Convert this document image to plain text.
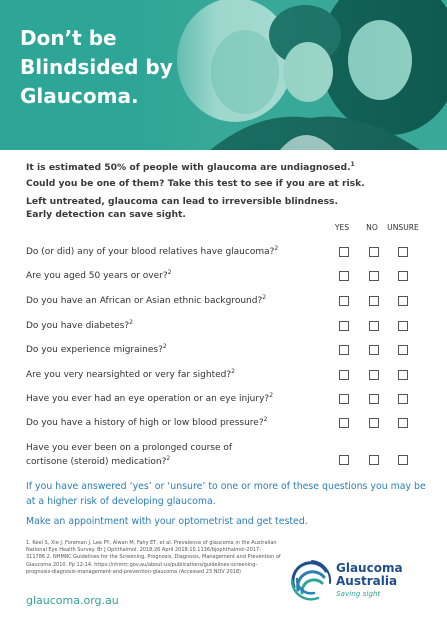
Don’t be
Blindsided by
Glaucoma.

It is estimated 50% of people with glaucoma are undiagnosed.$^1$

Could you be one of them? Take this test to see if you are at risk.

Left untreated, glaucoma can lead to irreversible blindness.

Early detection can save sight.

YES	NO	UNSURE
Do (or did) any of your blood relatives have glaucoma?$^2$
Are you aged 50 years or over?$^2$
Do you have an African or Asian ethnic background?$^2$
Do you have diabetes?$^2$
Do you experience migraines?$^2$
Are you very nearsighted or very far sighted?$^2$
Have you ever had an eye operation or an eye injury?$^2$
Do you have a history of high or low blood pressure?$^2$
Have you ever been on a prolonged course of
cortisone (steroid) medication?$^2$

If you have answered ‘yes’ or ‘unsure’ to one or more of these questions you may be at a higher risk of developing glaucoma.

Make an appointment with your optometrist and get tested.

1. Keel S, Xie J, Foreman J, Lee PY, Alwan M, Fahy ET, et al. Prevalence of glaucoma in the Australian National Eye Health Survey. Br J Ophthalmol. 2018;26 April 2018:10.1136/bjophthalmol-2017-311786.2. NHMRC Guidelines for the Screening, Prognosis, Diagnosis, Management and Prevention of Glaucoma 2010. Pp 12-14. https://nhmrc.gov.au/about-us/publications/guidelines-screening-prognosis-diagnosis-management-and-prevention-glaucoma (Accessed 23 NOV 2018)

glaucoma.org.au
Glaucoma
Australia
Saving sight
